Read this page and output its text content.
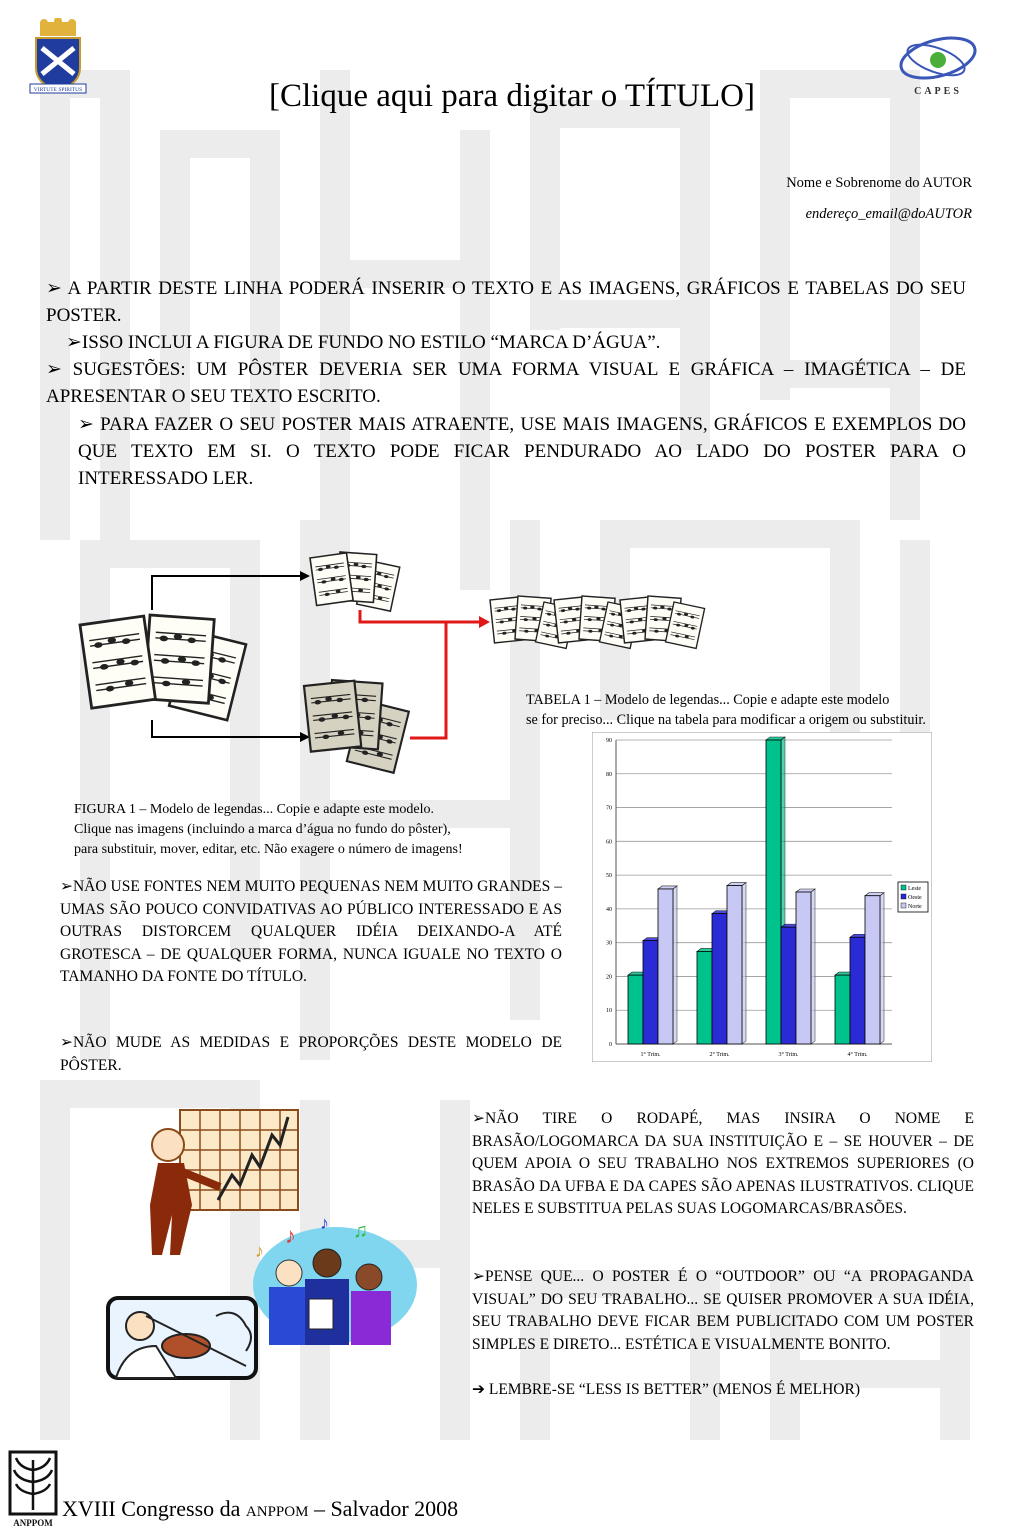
VIRTUTE SPIRITUS	CAPES
[Clique aqui para digitar o TÍTULO]
Nome e Sobrenome do AUTOR
endereço_email@doAUTOR
➢ A PARTIR DESTE LINHA PODERÁ INSERIR O TEXTO E AS IMAGENS, GRÁFICOS E TABELAS DO SEU POSTER.
➢ISSO INCLUI A FIGURA DE FUNDO NO ESTILO “MARCA D’ÁGUA”.
➢ SUGESTÕES: UM PÔSTER DEVERIA SER UMA FORMA VISUAL E GRÁFICA – IMAGÉTICA – DE APRESENTAR O SEU TEXTO ESCRITO.
➢ PARA FAZER O SEU POSTER MAIS ATRAENTE, USE MAIS IMAGENS, GRÁFICOS E EXEMPLOS DO QUE TEXTO EM SI. O TEXTO PODE FICAR PENDURADO AO LADO DO POSTER PARA O INTERESSADO LER.
FIGURA 1 – Modelo de legendas... Copie e adapte este modelo.
Clique nas imagens (incluindo a marca d’água no fundo do pôster),
para substituir, mover, editar, etc. Não exagere o número de imagens!
TABELA 1 – Modelo de legendas... Copie e adapte este modelo
se for preciso... Clique na tabela para modificar a origem ou substituir.
0
10
20
30
40
50
60
70
80
90
1° Trim.	2° Trim.	3° Trim.	4° Trim.
Leste
Oeste
Norte
➢NÃO USE FONTES NEM MUITO PEQUENAS NEM MUITO GRANDES – UMAS SÃO POUCO CONVIDATIVAS AO PÚBLICO INTERESSADO E AS OUTRAS DISTORCEM QUALQUER IDÉIA DEIXANDO-A ATÉ GROTESCA – DE QUALQUER FORMA, NUNCA IGUALE NO TEXTO O TAMANHO DA FONTE DO TÍTULO.
➢NÃO MUDE AS MEDIDAS E PROPORÇÕES DESTE MODELO DE PÔSTER.
♪ ♪ ♫
♪
➢NÃO TIRE O RODAPÉ, MAS INSIRA O NOME E BRASÃO/LOGOMARCA DA SUA INSTITUIÇÃO E – SE HOUVER – DE QUEM APOIA O SEU TRABALHO NOS EXTREMOS SUPERIORES (O BRASÃO DA UFBA E DA CAPES SÃO APENAS ILUSTRATIVOS. CLIQUE NELES E SUBSTITUA PELAS SUAS LOGOMARCAS/BRASÕES.
➢PENSE QUE... O POSTER É O “OUTDOOR” OU “A PROPAGANDA VISUAL” DO SEU TRABALHO... SE QUISER PROMOVER A SUA IDÉIA, SEU TRABALHO DEVE FICAR BEM PUBLICITADO COM UM POSTER SIMPLES E DIRETO... ESTÉTICA E VISUALMENTE BONITO.
➔ LEMBRE-SE “LESS IS BETTER” (MENOS É MELHOR)
ANPPOM
XVIII Congresso da ANPPOM – Salvador 2008
